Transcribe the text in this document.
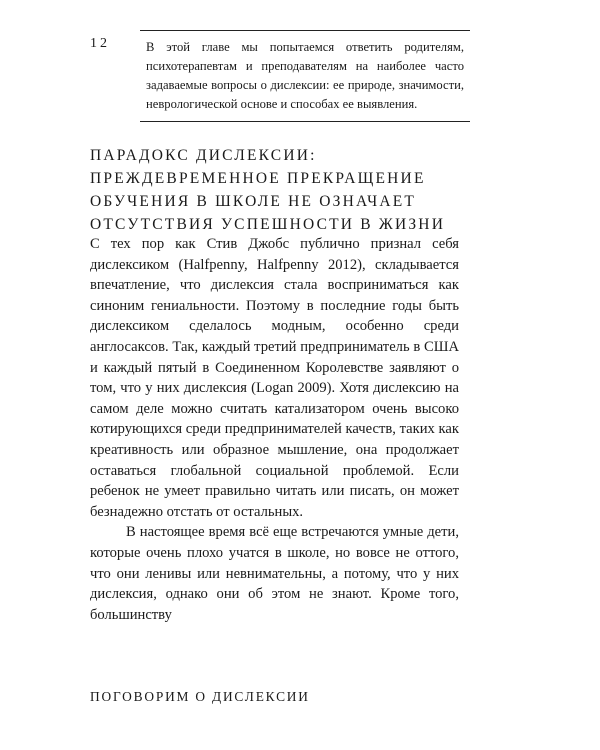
12	В этой главе мы попытаемся ответить родителям, психотерапевтам и преподавателям на наиболее часто задаваемые вопросы о дислексии: ее природе, значимости, неврологической основе и способах ее выявления.

ПАРАДОКС ДИСЛЕКСИИ:
ПРЕЖДЕВРЕМЕННОЕ ПРЕКРАЩЕНИЕ
ОБУЧЕНИЯ В ШКОЛЕ НЕ ОЗНАЧАЕТ
ОТСУТСТВИЯ УСПЕШНОСТИ В ЖИЗНИ

С тех пор как Стив Джобс публично признал себя дислексиком (Halfpenny, Halfpenny 2012), складывается впечатление, что дислексия стала восприниматься как синоним гениальности. Поэтому в последние годы быть дислексиком сделалось модным, особенно среди англосаксов. Так, каждый третий предприниматель в США и каждый пятый в Соединенном Королевстве заявляют о том, что у них дислексия (Logan 2009). Хотя дислексию на самом деле можно считать катализатором очень высоко котирующихся среди предпринимателей качеств, таких как креативность или образное мышление, она продолжает оставаться глобальной социальной проблемой. Если ребенок не умеет правильно читать или писать, он может безнадежно отстать от остальных.

В настоящее время всё еще встречаются умные дети, которые очень плохо учатся в школе, но вовсе не оттого, что они ленивы или невнимательны, а потому, что у них дислексия, однако они об этом не знают. Кроме того, большинству

ПОГОВОРИМ О ДИСЛЕКСИИ
